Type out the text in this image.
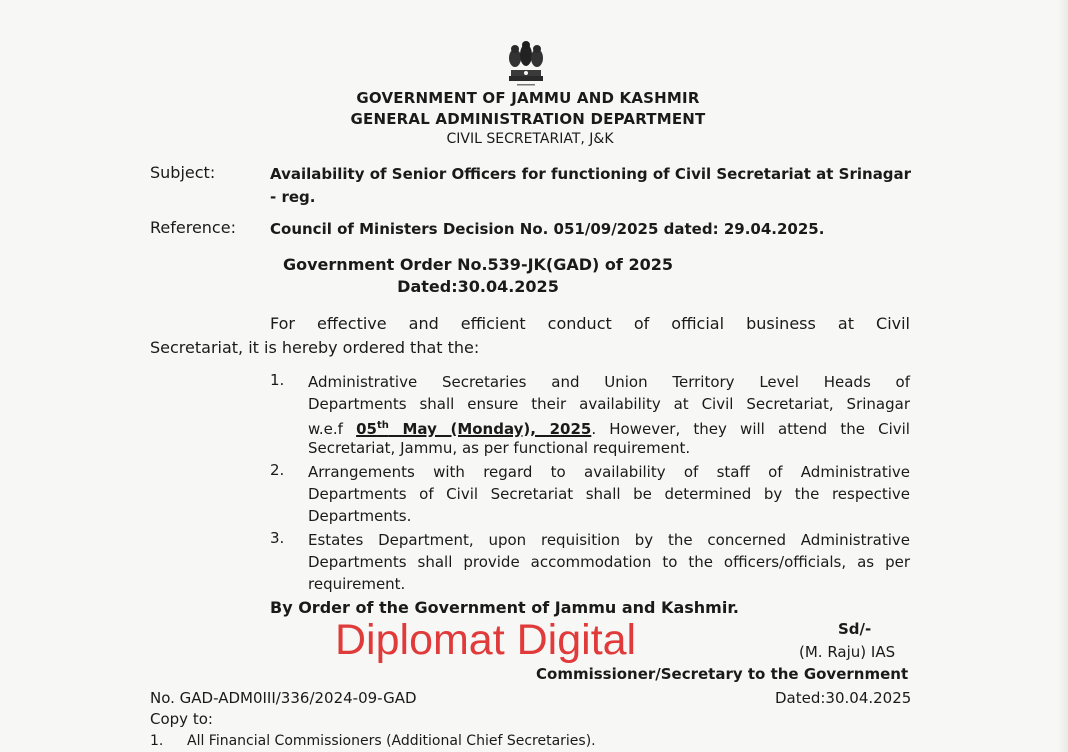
GOVERNMENT OF JAMMU AND KASHMIR
GENERAL ADMINISTRATION DEPARTMENT
CIVIL SECRETARIAT, J&K
Subject:	Availability of Senior Officers for functioning of Civil Secretariat at Srinagar
- reg.
Reference: Council of Ministers Decision No. 051/09/2025 dated: 29.04.2025.
Government Order No.539-JK(GAD) of 2025
Dated:30.04.2025
For effective and efficient conduct of official business at Civil
Secretariat, it is hereby ordered that the:
1. Administrative Secretaries and Union Territory Level Heads of
Departments shall ensure their availability at Civil Secretariat, Srinagar
w.e.f 05th May (Monday), 2025. However, they will attend the Civil
Secretariat, Jammu, as per functional requirement.
2. Arrangements with regard to availability of staff of Administrative
Departments of Civil Secretariat shall be determined by the respective
Departments.
3. Estates Department, upon requisition by the concerned Administrative
Departments shall provide accommodation to the officers/officials, as per
requirement.
By Order of the Government of Jammu and Kashmir.
Diplomat Digital	Sd/-
(M. Raju) IAS
Commissioner/Secretary to the Government
No. GAD-ADM0III/336/2024-09-GAD	Dated:30.04.2025
Copy to:
1. All Financial Commissioners (Additional Chief Secretaries).
